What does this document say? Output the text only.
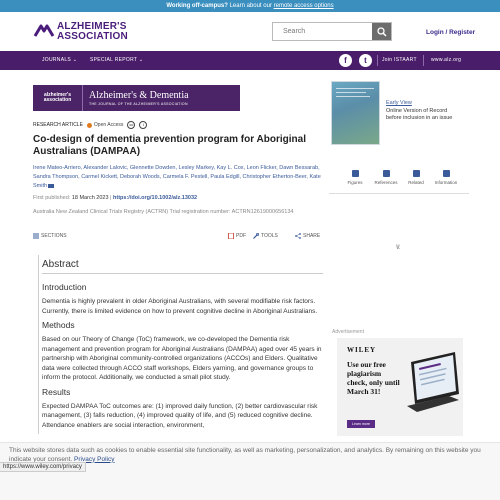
Working off-campus? Learn about our remote access options
ALZHEIMER'S
ASSOCIATION	Search	Login / Register
JOURNALS ⌄	SPECIAL REPORT ⌄	f	t	Join ISTAART	www.alz.org
alzheimer's
association Alzheimer's & Dementia
THE JOURNAL OF THE ALZHEIMER'S ASSOCIATION
RESEARCH ARTICLE Open Access	cc	i
Co-design of dementia prevention program for Aboriginal Australians (DAMPAA)
Irene Mateo-Arriero, Alexander Lalovic, Glennette Dowden, Lesley Markey, Kay L. Cox, Leon Flicker, Dawn Bessarab, Sandra Thompson, Carmel Kickett, Deborah Woods, Carmela F. Pestell, Paula Edgill, Christopher Etherton-Beer, Kate Smith
First published: 18 March 2023 | https://doi.org/10.1002/alz.13032
Australia New Zealand Clinical Trials Registry (ACTRN) Trial registration number: ACTRN12619000656134
SECTIONS	PDF	TOOLS	SHARE
Abstract
Introduction

Dementia is highly prevalent in older Aboriginal Australians, with several modifiable risk factors. Currently, there is limited evidence on how to prevent cognitive decline in Aboriginal Australians.

Methods

Based on our Theory of Change (ToC) framework, we co-developed the Dementia risk management and prevention program for Aboriginal Australians (DAMPAA) aged over 45 years in partnership with Aboriginal community-controlled organizations (ACCOs) and Elders. Qualitative data were collected through ACCO staff workshops, Elders yarning, and governance groups to inform the protocol. Additionally, we conducted a small pilot study.

Results

Expected DAMPAA ToC outcomes are: (1) improved daily function, (2) better cardiovascular risk management, (3) falls reduction, (4) improved quality of life, and (5) reduced cognitive decline. Attendance enablers are social interaction, environment,

Early View
Online Version of Record
before inclusion in an issue
Figures	References	Related	Information
\\//.
Advertisement
WILEY
Use our free plagiarism check, only until March 31!
Learn more
This website stores data such as cookies to enable essential site functionality, as well as marketing, personalization, and analytics. By remaining on this website you indicate your consent. Privacy Policy
https://www.wiley.com/privacy
